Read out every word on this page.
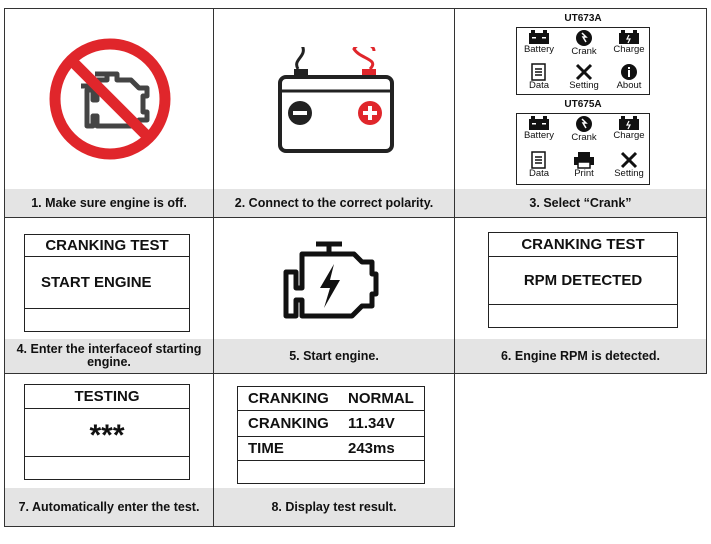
1. Make sure engine is off.	2. Connect to the correct polarity.
UT673A
Battery	Crank	Charge
Data	Setting	About
UT675A
Battery	Crank	Charge
Data	Print	Setting
3. Select “Crank”
CRANKING TEST
START ENGINE
4. Enter the interfaceof starting engine.	5. Start engine.
CRANKING TEST
RPM DETECTED
6. Engine RPM is detected.
TESTING
***
7. Automatically enter the test.
CRANKING NORMAL
CRANKING 11.34V
TIME	243ms
8. Display test result.
